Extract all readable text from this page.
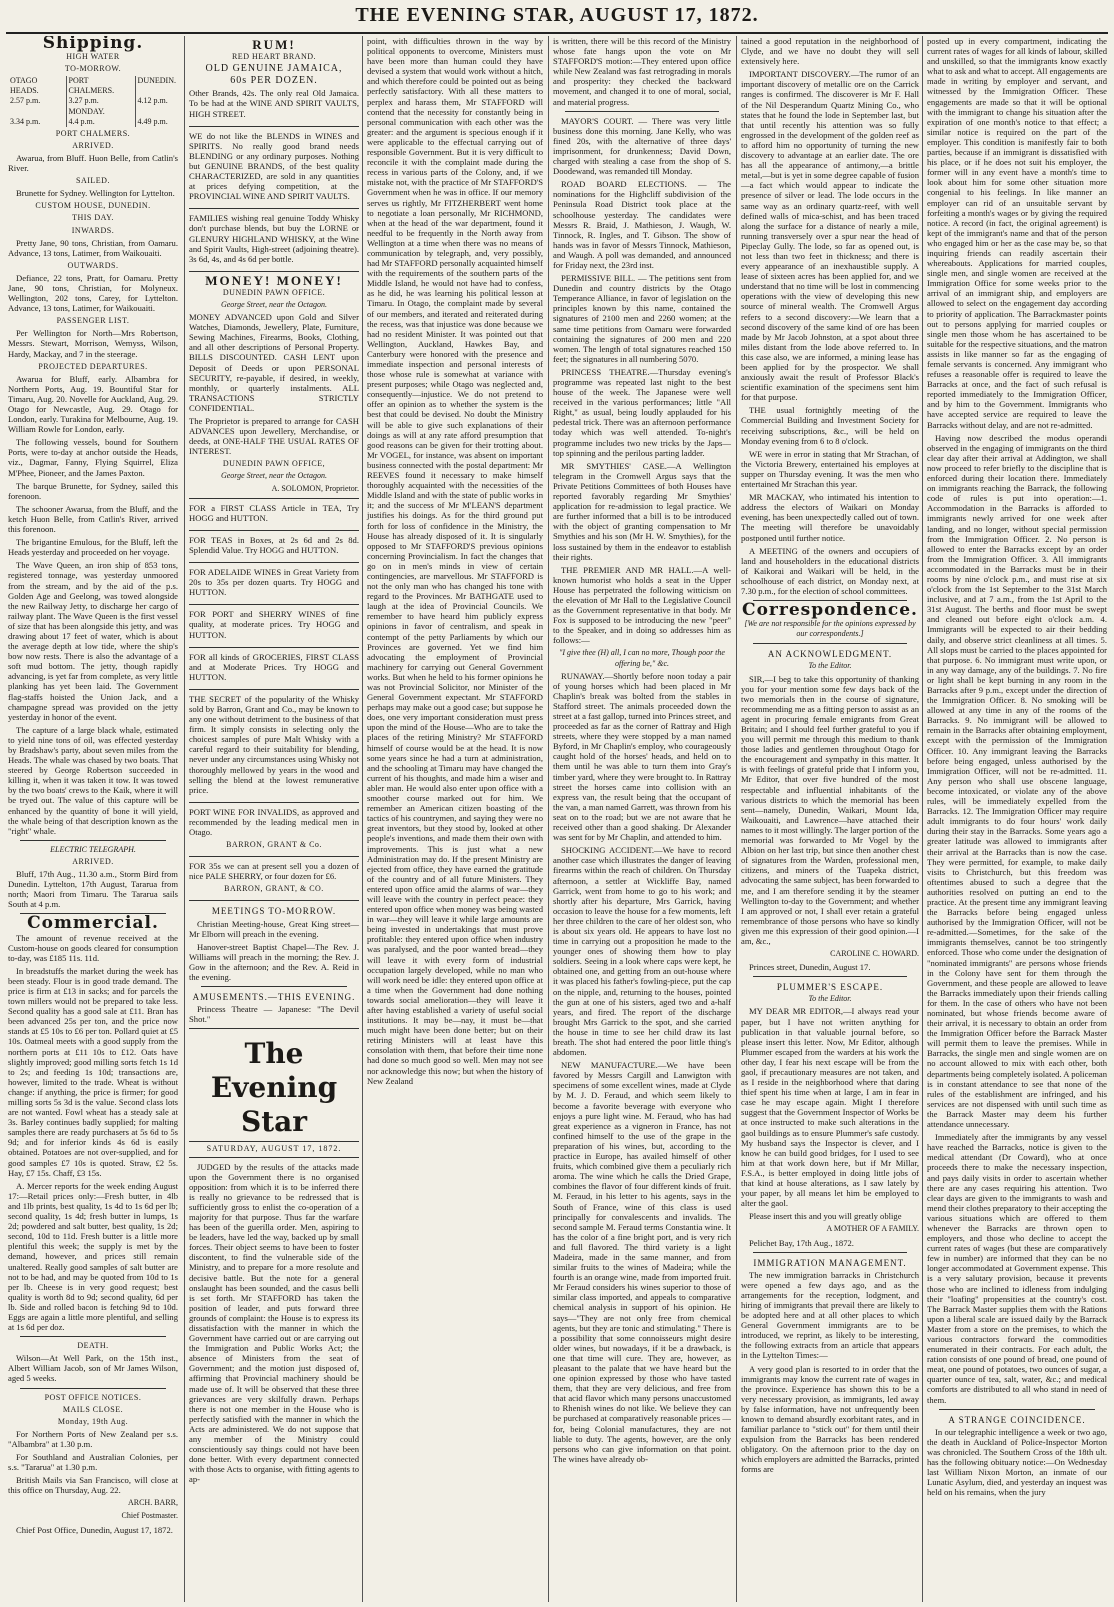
THE EVENING STAR, AUGUST 17, 1872.
Shipping.
HIGH WATER
TO-MORROW.
OTAGO HEADS.	PORT CHALMERS.	DUNEDIN.
2.57 p.m.	3.27 p.m.	4.12 p.m.
	MONDAY.	
3.34 p.m.	4.4 p.m.	4.49 p.m.
PORT CHALMERS.
ARRIVED.

Awarua, from Bluff. Huon Belle, from Catlin's River.

SAILED.

Brunette for Sydney. Wellington for Lyttelton.

CUSTOM HOUSE, DUNEDIN.
THIS DAY.
INWARDS.

Pretty Jane, 90 tons, Christian, from Oamaru. Advance, 13 tons, Latimer, from Waikouaiti.

OUTWARDS.

Defiance, 22 tons, Pratt, for Oamaru. Pretty Jane, 90 tons, Christian, for Molyneux. Wellington, 202 tons, Carey, for Lyttelton. Advance, 13 tons, Latimer, for Waikouaiti.

PASSENGER LIST.

Per Wellington for North—Mrs Robertson, Messrs. Stewart, Morrison, Wemyss, Wilson, Hardy, Mackay, and 7 in the steerage.

PROJECTED DEPARTURES.

Awarua for Bluff, early. Albambra for Northern Ports, Aug. 19. Bountiful Star for Timaru, Aug. 20. Novelle for Auckland, Aug. 29. Otago for Newcastle, Aug. 29. Otago for London, early. Turakina for Melbourne, Aug. 19. William Rowle for London, early.

The following vessels, bound for Southern Ports, were to-day at anchor outside the Heads, viz., Dagmar, Fanny, Flying Squirrel, Eliza M'Phee, Pioneer, and the James Paxton.

The barque Brunette, for Sydney, sailed this forenoon.

The schooner Awarua, from the Bluff, and the ketch Huon Belle, from Catlin's River, arrived this forenoon.

The brigantine Emulous, for the Bluff, left the Heads yesterday and proceeded on her voyage.

The Wave Queen, an iron ship of 853 tons, registered tonnage, was yesterday unmoored from the stream, and by the aid of the p.s. Golden Age and Geelong, was towed alongside the new Railway Jetty, to discharge her cargo of railway plant. The Wave Queen is the first vessel of size that has been alongside this jetty, and was drawing about 17 feet of water, which is about the average depth at low tide, where the ship's bow now rests. There is also the advantage of a soft mud bottom. The jetty, though rapidly advancing, is yet far from complete, as very little planking has yet been laid. The Government flag-staffs hoisted the Union Jack, and a champagne spread was provided on the jetty yesterday in honor of the event.

The capture of a large black whale, estimated to yield nine tons of oil, was effected yesterday by Bradshaw's party, about seven miles from the Heads. The whale was chased by two boats. That steered by George Robertson succeeded in killing it, when it was taken it tow. It was towed by the two boats' crews to the Kaik, where it will be tryed out. The value of this capture will be enhanced by the quantity of bone it will yield, the whale being of that description known as the "right" whale.

ELECTRIC TELEGRAPH.
ARRIVED.

Bluff, 17th Aug., 11.30 a.m., Storm Bird from Dunedin. Lyttelton, 17th August, Tararua from north; Maori from Timaru. The Tararua sails South at 4 p.m.

Commercial.

The amount of revenue received at the Custom-house on goods cleared for consumption to-day, was £185 11s. 11d.

In breadstuffs the market during the week has been steady. Flour is in good trade demand. The price is firm at £13 in sacks; and for parcels the town millers would not be prepared to take less. Second quality has a good sale at £11. Bran has been advanced 25s per ton, and the price now stands at £5 10s to £6 per ton. Pollard quiet at £5 10s. Oatmeal meets with a good supply from the northern ports at £11 10s to £12. Oats have slightly improved; good milling sorts fetch 1s 1d to 2s; and feeding 1s 10d; transactions are, however, limited to the trade. Wheat is without change: if anything, the price is firmer; for good milling sorts 5s 3d is the value. Second class lots are not wanted. Fowl wheat has a steady sale at 3s. Barley continues badly supplied; for malting samples there are ready purchasers at 5s 6d to 5s 9d; and for inferior kinds 4s 6d is easily obtained. Potatoes are not over-supplied, and for good samples £7 10s is quoted. Straw, £2 5s. Hay, £7 15s. Chaff, £3 15s.

A. Mercer reports for the week ending August 17:—Retail prices only:—Fresh butter, in 4lb and 1lb prints, best quality, 1s 4d to 1s 6d per lb; second quality, 1s 4d; fresh butter in lumps, 1s 2d; powdered and salt butter, best quality, 1s 2d; second, 10d to 11d. Fresh butter is a little more plentiful this week; the supply is met by the demand, however, and prices still remain unaltered. Really good samples of salt butter are not to be had, and may be quoted from 10d to 1s per lb. Cheese is in very good request; best quality is worth 8d to 9d; second quality, 6d per lb. Side and rolled bacon is fetching 9d to 10d. Eggs are again a little more plentiful, and selling at 1s 6d per doz.

DEATH.

Wilson—At Well Park, on the 15th inst., Albert William Jacob, son of Mr James Wilson, aged 5 weeks.

POST OFFICE NOTICES.
MAILS CLOSE.
Monday, 19th Aug.

For Northern Ports of New Zealand per s.s. "Albambra" at 1.30 p.m.

For Southland and Australian Colonies, per s.s. "Tararua" at 1.30 p.m.

British Mails via San Francisco, will close at this office on Thursday, Aug. 22.

ARCH. BARR,
Chief Postmaster.

Chief Post Office, Dunedin, August 17, 1872.

RUM!
RED HEART BRAND.
OLD GENUINE JAMAICA,
60s PER DOZEN.

Other Brands, 42s. The only real Old Jamaica. To be had at the WINE AND SPIRIT VAULTS, HIGH STREET.

WE do not like the BLENDS in WINES and SPIRITS. No really good brand needs BLENDING or any ordinary purposes. Nothing but GENUINE BRANDS, of the best quality CHARACTERIZED, are sold in any quantities at prices defying competition, at the PROVINCIAL WINE AND SPIRIT VAULTS.

FAMILIES wishing real genuine Toddy Whisky don't purchase blends, but buy the LORNE or GLENURY HIGHLAND WHISKY, at the Wine and Spirit Vaults, High-street (adjoining theatre). 3s 6d, 4s, and 4s 6d per bottle.

MONEY! MONEY!
DUNEDIN PAWN OFFICE.
George Street, near the Octagon.

MONEY ADVANCED upon Gold and Silver Watches, Diamonds, Jewellery, Plate, Furniture, Sewing Machines, Firearms, Books, Clothing, and all other descriptions of Personal Property. BILLS DISCOUNTED. CASH LENT upon Deposit of Deeds or upon PERSONAL SECURITY, re-payable, if desired, in weekly, monthly, or quarterly instalments. ALL TRANSACTIONS STRICTLY CONFIDENTIAL.

The Proprietor is prepared to arrange for CASH ADVANCES upon Jewellery, Merchandise, or deeds, at ONE-HALF THE USUAL RATES OF INTEREST.

DUNEDIN PAWN OFFICE,
George Street, near the Octagon.
A. SOLOMON, Proprietor.

FOR a FIRST CLASS Article in TEA, Try HOGG and HUTTON.

FOR TEAS in Boxes, at 2s 6d and 2s 8d. Splendid Value. Try HOGG and HUTTON.

FOR ADELAIDE WINES in Great Variety from 20s to 35s per dozen quarts. Try HOGG and HUTTON.

FOR PORT and SHERRY WINES of fine quality, at moderate prices. Try HOGG and HUTTON.

FOR all kinds of GROCERIES, FIRST CLASS and at Moderate Prices. Try HOGG and HUTTON.

THE SECRET of the popularity of the Whisky sold by Barron, Grant and Co., may be known to any one without detriment to the business of that firm. It simply consists in selecting only the choicest samples of pure Malt Whisky with a careful regard to their suitability for blending, never under any circumstances using Whisky not thoroughly mellowed by years in the wood and selling the blend at the lowest remunerative price.

PORT WINE FOR INVALIDS, as approved and recommended by the leading medical men in Otago.

BARRON, GRANT & Co.

FOR 35s we can at present sell you a dozen of nice PALE SHERRY, or four dozen for £6.

BARRON, GRANT, & CO.
MEETINGS TO-MORROW.

Christian Meeting-house, Great King street—Mr Elborn will preach in the evening.

Hanover-street Baptist Chapel—The Rev. J. Williams will preach in the morning; the Rev. J. Gow in the afternoon; and the Rev. A. Reid in the evening.

AMUSEMENTS.—THIS EVENING.

Princess Theatre — Japanese: "The Devil Shot."

The Evening Star
SATURDAY, AUGUST 17, 1872.

JUDGED by the results of the attacks made upon the Government there is no organised opposition: from which it is to be inferred there is really no grievance to be redressed that is sufficiently gross to enlist the co-operation of a majority for that purpose. Thus far the warfare has been of the guerilla order. Men, aspiring to be leaders, have led the way, backed up by small forces. Their object seems to have been to foster discontent, to find the vulnerable side of the Ministry, and to prepare for a more resolute and decisive battle. But the note for a general onslaught has been sounded, and the casus belli is set forth. Mr STAFFORD has taken the position of leader, and puts forward three grounds of complaint: the House is to express its dissatisfaction with the manner in which the Government have carried out or are carrying out the Immigration and Public Works Act; the absence of Ministers from the seat of Government; and the motion just disposed of, affirming that Provincial machinery should be made use of. It will be observed that these three grievances are very skilfully drawn. Perhaps there is not one member in the House who is perfectly satisfied with the manner in which the Acts are administered. We do not suppose that any member of the Ministry could conscientiously say things could not have been done better. With every department connected with those Acts to organise, with fitting agents to ap-

point, with difficulties thrown in the way by political opponents to overcome, Ministers must have been more than human could they have devised a system that would work without a hitch, and which therefore could be pointed out as being perfectly satisfactory. With all these matters to perplex and harass them, Mr STAFFORD will contend that the necessity for constantly being in personal communication with each other was the greater: and the argument is specious enough if it were applicable to the effectual carrying out of responsible Government. But it is very difficult to reconcile it with the complaint made during the recess in various parts of the Colony, and, if we mistake not, with the practice of Mr STAFFORD'S Government when he was in office. If our memory serves us rightly, Mr FITZHERBERT went home to negotiate a loan personally, Mr RICHMOND, when at the head of the war department, found it needful to be frequently in the North away from Wellington at a time when there was no means of communication by telegraph, and, very possibly, had Mr STAFFORD personally acquainted himself with the requirements of the southern parts of the Middle Island, he would not have had to confess, as he did, he was learning his political lesson at Timaru. In Otago, the complaint made by several of our members, and iterated and reiterated during the recess, was that injustice was done because we had no resident Minister. It was pointed out that Wellington, Auckland, Hawkes Bay, and Canterbury were honored with the presence and immediate inspection and personal interests of those whose rule is somewhat at variance with present purposes; while Otago was neglected and, consequently—injustice. We do not pretend to offer an opinion as to whether the system is the best that could be devised. No doubt the Ministry will be able to give such explanations of their doings as will at any rate afford presumption that good reasons can be given for their trotting about. Mr VOGEL, for instance, was absent on important business connected with the postal department: Mr REEVES found it necessary to make himself thoroughly acquainted with the necessities of the Middle Island and with the state of public works in it; and the success of Mr M'LEAN'S department justifies his doings. As for the third ground put forth for loss of confidence in the Ministry, the House has already disposed of it. It is singularly opposed to Mr STAFFORD'S previous opinions concerning Provincialism. In fact the changes that go on in men's minds in view of certain contingencies, are marvellous. Mr STAFFORD is not the only man who has changed his tone with regard to the Provinces. Mr BATHGATE used to laugh at the idea of Provincial Councils. We remember to have heard him publicly express opinions in favor of centralism, and speak in contempt of the petty Parliaments by which our Provinces are governed. Yet we find him advocating the employment of Provincial machinery for carrying out General Government works. But when he held to his former opinions he was not Provincial Solicitor, nor Minister of the General Government expectant. Mr STAFFORD perhaps may make out a good case; but suppose he does, one very important consideration must press upon the mind of the House—Who are to take the places of the retiring Ministry? Mr STAFFORD himself of course would be at the head. It is now some years since he had a turn at administration, and the schooling at Timaru may have changed the current of his thoughts, and made him a wiser and abler man. He would also enter upon office with a smoother course marked out for him. We remember an American citizen boasting of the tactics of his countrymen, and saying they were no great inventors, but they stood by, looked at other people's inventions, and made them their own with improvements. This is just what a new Administration may do. If the present Ministry are ejected from office, they have earned the gratitude of the country and of all future Ministers. They entered upon office amid the alarms of war—they will leave with the country in perfect peace: they entered upon office when money was being wasted in war—they will leave it while large amounts are being invested in undertakings that must prove profitable: they entered upon office when industry was paralysed, and the poor wanted bread—they will leave it with every form of industrial occupation largely developed, while no man who will work need be idle: they entered upon office at a time when the Government had done nothing towards social amelioration—they will leave it after having established a variety of useful social institutions. It may be—nay, it must be—that much might have been done better; but on their retiring Ministers will at least have this consolation with them, that before their time none had done so much good so well. Men may not see nor acknowledge this now; but when the history of New Zealand

is written, there will be this record of the Ministry whose fate hangs upon the vote on Mr STAFFORD'S motion:—They entered upon office while New Zealand was fast retrograding in morals and prosperity: they checked the backward movement, and changed it to one of moral, social, and material progress.

MAYOR'S COURT. — There was very little business done this morning. Jane Kelly, who was fined 20s, with the alternative of three days' imprisonment, for drunkenness; David Down, charged with stealing a case from the shop of S. Doodewand, was remanded till Monday.

ROAD BOARD ELECTIONS. — The nominations for the Highcliff subdivision of the Peninsula Road District took place at the schoolhouse yesterday. The candidates were Messrs R. Braid, J. Mathieson, J. Waugh, W. Tinnock, R. Ingles, and T. Gibson. The show of hands was in favor of Messrs Tinnock, Mathieson, and Waugh. A poll was demanded, and announced for Friday next, the 23rd inst.

PERMISSIVE BILL. — The petitions sent from Dunedin and country districts by the Otago Temperance Alliance, in favor of legislation on the principles known by this name, contained the signatures of 2100 men and 2260 women; at the same time petitions from Oamaru were forwarded containing the signatures of 200 men and 220 women. The length of total signatures reached 150 feet; the signatures in all numbering 5070.

PRINCESS THEATRE.—Thursday evening's programme was repeated last night to the best house of the week. The Japanese were well received in the various performances; little "All Right," as usual, being loudly applauded for his pedestal trick. There was an afternoon performance today which was well attended. To-night's programme includes two new tricks by the Japs—top spinning and the perilous parting ladder.

MR SMYTHIES' CASE.—A Wellington telegram in the Cromwell Argus says that the Private Petitions Committees of both Houses have reported favorably regarding Mr Smythies' application for re-admission to legal practice. We are further informed that a bill is to be introduced with the object of granting compensation to Mr Smythies and his son (Mr H. W. Smythies), for the loss sustained by them in the endeavor to establish their rights.

THE PREMIER AND MR HALL.—A well-known humorist who holds a seat in the Upper House has perpetrated the following witticism on the elevation of Mr Hall to the Legislative Council as the Government representative in that body. Mr Fox is supposed to be introducing the new "peer" to the Speaker, and in doing so addresses him as follows:—

"I give thee (H) all, I can no more, Though poor the offering be," &c.

RUNAWAY.—Shortly before noon today a pair of young horses which had been placed in Mr Chaplin's break was bolted from the stables in Stafford street. The animals proceeded down the street at a fast gallop, turned into Princes street, and proceeded as far as the corner of Rattray and High streets, where they were stopped by a man named Byford, in Mr Chaplin's employ, who courageously caught hold of the horses' heads, and held on to them until he was able to turn them into Gray's timber yard, where they were brought to. In Rattray street the horses came into collision with an express van, the result being that the occupant of the van, a man named Garrett, was thrown from his seat on to the road; but we are not aware that he received other than a good shaking. Dr Alexander was sent for by Mr Chaplin, and attended to him.

SHOCKING ACCIDENT.—We have to record another case which illustrates the danger of leaving firearms within the reach of children. On Thursday afternoon, a settler at Wickliffe Bay, named Garrick, went from home to go to his work; and shortly after his departure, Mrs Garrick, having occasion to leave the house for a few moments, left her three children to the care of her oldest son, who is about six years old. He appears to have lost no time in carrying out a proposition he made to the younger ones of showing them how to play soldiers. Seeing in a look where caps were kept, he obtained one, and getting from an out-house where it was placed his father's fowling-piece, put the cap on the nipple, and, returning to the houses, pointed the gun at one of his sisters, aged two and a-half years, and fired. The report of the discharge brought Mrs Garrick to the spot, and she carried the house in time to see her child draw its last breath. The shot had entered the poor little thing's abdomen.

NEW MANUFACTURE.—We have been favored by Messrs Cargill and Lanwigton with specimens of some excellent wines, made at Clyde by M. J. D. Feraud, and which seem likely to become a favorite beverage with everyone who enjoys a pure light wine. M. Feraud, who has had great experience as a vigneron in France, has not confined himself to the use of the grape in the preparation of his wines, but, according to the practice in Europe, has availed himself of other fruits, which combined give them a peculiarly rich aroma. The wine which he calls the Dried Grape, combines the flavor of four different kinds of fruit. M. Feraud, in his letter to his agents, says in the South of France, wine of this class is used principally for convalescents and invalids. The second sample M. Feraud terms Constantia wine. It has the color of a fine bright port, and is very rich and full flavored. The third variety is a light Madeira, made in the same manner, and from similar fruits to the wines of Madeira; while the fourth is an orange wine, made from imported fruit. Mr Feraud considers his wines superior to those of similar class imported, and appeals to comparative chemical analysis in support of his opinion. He says—"They are not only free from chemical agents, but they are tonic and stimulating." There is a possibility that some connoisseurs might desire older wines, but nowadays, if it be a drawback, is one that time will cure. They are, however, as pleasant to the palate that we have heard but the one opinion expressed by those who have tasted them, that they are very delicious, and free from that acid flavor which many persons unaccustomed to Rhenish wines do not like. We believe they can be purchased at comparatively reasonable prices —for, being Colonial manufactures, they are not liable to duty. The agents, however, are the only persons who can give information on that point. The wines have already ob-

tained a good reputation in the neighborhood of Clyde, and we have no doubt they will sell extensively here.

IMPORTANT DISCOVERY.—The rumor of an important discovery of metallic ore on the Carrick ranges is confirmed. The discoverer is Mr F. Hall of the Nil Desperandum Quartz Mining Co., who states that he found the lode in September last, but that until recently his attention was so fully engrossed in the development of the golden reef as to afford him no opportunity of turning the new discovery to advantage at an earlier date. The ore has all the appearance of antimony,—a brittle metal,—but is yet in some degree capable of fusion—a fact which would appear to indicate the presence of silver or lead. The lode occurs in the same way as an ordinary quartz-reef, with well defined walls of mica-schist, and has been traced along the surface for a distance of nearly a mile, running transversely over a spur near the head of Pipeclay Gully. The lode, so far as opened out, is not less than two feet in thickness; and there is every appearance of an inexhaustible supply. A lease of sixteen acres has been applied for, and we understand that no time will be lost in commencing operations with the view of developing this new source of mineral wealth. The Cromwell Argus refers to a second discovery:—We learn that a second discovery of the same kind of ore has been made by Mr Jacob Johnston, at a spot about three miles distant from the lode above referred to. In this case also, we are informed, a mining lease has been applied for by the prospector. We shall anxiously await the result of Professor Black's scientific examination of the specimens sent him for that purpose.

THE usual fortnightly meeting of the Commercial Building and Investment Society for receiving subscriptions, &c., will be held on Monday evening from 6 to 8 o'clock.

WE were in error in stating that Mr Strachan, of the Victoria Brewery, entertained his employes at supper on Thursday evening. It was the men who entertained Mr Strachan this year.

MR MACKAY, who intimated his intention to address the electors of Waikari on Monday evening, has been unexpectedly called out of town. The meeting will therefore be unavoidably postponed until further notice.

A MEETING of the owners and occupiers of land and householders in the educational districts of Kaikorai and Waikari will be held, in the schoolhouse of each district, on Monday next, at 7.30 p.m., for the election of school committees.

Correspondence.
[We are not responsible for the opinions expressed by our correspondents.]
AN ACKNOWLEDGMENT.
To the Editor.

SIR,—I beg to take this opportunity of thanking you for your mention some few days back of the two memorials then in the course of signature, recommending me as a fitting person to assist as an agent in procuring female emigrants from Great Britain; and I should feel further grateful to you if you will permit me through this medium to thank those ladies and gentlemen throughout Otago for the encouragement and sympathy in this matter. It is with feelings of grateful pride that I inform you, Mr Editor, that over five hundred of the most respectable and influential inhabitants of the various districts to which the memorial has been sent—namely, Dunedin, Waikari, Mount Ida, Waikouaiti, and Lawrence—have attached their names to it most willingly. The larger portion of the memorial was forwarded to Mr Vogel by the Albion on her last trip, but since then another chest of signatures from the Warden, professional men, citizens, and miners of the Tuapeka district, advocating the same subject, has been forwarded to me, and I am therefore sending it by the steamer Wellington to-day to the Government; and whether I am approved or not, I shall ever retain a grateful remembrance of those persons who have so kindly given me this expression of their good opinion.—I am, &c.,

CAROLINE C. HOWARD.

Princes street, Dunedin, August 17.

PLUMMER'S ESCAPE.
To the Editor.

MY DEAR MR EDITOR,—I always read your paper, but I have not written anything for publication in that valuable journal before, so please insert this letter. Now, Mr Editor, although Plummer escaped from the warders at his work the other day, I fear his next escape will be from the gaol, if precautionary measures are not taken, and as I reside in the neighborhood where that daring thief spent his time when at large, I am in fear in case he may escape again. Might I therefore suggest that the Government Inspector of Works be at once instructed to make such alterations in the gaol buildings as to ensure Plummer's safe custody. My husband says the Inspector is clever, and I know he can build good bridges, for I used to see him at that work down here, but if Mr Millar, F.S.A., is better employed in doing little jobs of that kind at house alterations, as I saw lately by your paper, by all means let him be employed to alter the gaol.

Please insert this and you will greatly oblige

A MOTHER OF A FAMILY.

Pelichet Bay, 17th Aug., 1872.

IMMIGRATION MANAGEMENT.

The new immigration barracks in Christchurch were opened a few days ago, and as the arrangements for the reception, lodgment, and hiring of immigrants that prevail there are likely to be adopted here and at all other places to which General Government immigrants are to be introduced, we reprint, as likely to be interesting, the following extracts from an article that appears in the Lyttelton Times:—

A very good plan is resorted to in order that the immigrants may know the current rate of wages in the province. Experience has shown this to be a very necessary provision, as immigrants, led away by false information, have not unfrequently been known to demand absurdly exorbitant rates, and in familiar parlance to "stick out" for them until their expulsion from the Barracks has been rendered obligatory. On the afternoon prior to the day on which employers are admitted the Barracks, printed forms are

posted up in every compartment, indicating the current rates of wages for all kinds of labour, skilled and unskilled, so that the immigrants know exactly what to ask and what to accept. All engagements are made in writing by employer and servant, and witnessed by the Immigration Officer. These engagements are made so that it will be optional with the immigrant to change his situation after the expiration of one month's notice to that effect; a similar notice is required on the part of the employer. This condition is manifestly fair to both parties, because if an immigrant is dissatisfied with his place, or if he does not suit his employer, the former will in any event have a month's time to look about him for some other situation more congenial to his feelings. In like manner an employer can rid of an unsuitable servant by forfeiting a month's wages or by giving the required notice. A record (in fact, the original agreement) is kept of the immigrant's name and that of the person who engaged him or her as the case may be, so that inquiring friends can readily ascertain their whereabouts. Applications for married couples, single men, and single women are received at the Immigration Office for some weeks prior to the arrival of an immigrant ship, and employers are allowed to select on the engagement day according to priority of application. The Barrackmaster points out to persons applying for married couples or single men those whom he has ascertained to be suitable for the respective situations, and the matron assists in like manner so far as the engaging of female servants is concerned. Any immigrant who refuses a reasonable offer is required to leave the Barracks at once, and the fact of such refusal is reported immediately to the Immigration Officer, and by him to the Government. Immigrants who have accepted service are required to leave the Barracks without delay, and are not re-admitted.

Having now described the modus operandi observed in the engaging of immigrants on the third clear day after their arrival at Addington, we shall now proceed to refer briefly to the discipline that is enforced during their location there. Immediately on immigrants reaching the Barrack, the following code of rules is put into operation:—1. Accommodation in the Barracks is afforded to immigrants newly arrived for one week after landing, and no longer, without special permission from the Immigration Officer. 2. No person is allowed to enter the Barracks except by an order from the Immigration Officer. 3. All immigrants accommodated in the Barracks must be in their rooms by nine o'clock p.m., and must rise at six o'clock from the 1st September to the 31st March inclusive, and at 7 a.m., from the 1st April to the 31st August. The berths and floor must be swept and cleaned out before eight o'clock a.m. 4. Immigrants will be expected to air their bedding daily, and observe strict cleanliness at all times. 5. All slops must be carried to the places appointed for that purpose. 6. No immigrant must write upon, or in any way damage, any of the buildings. 7. No fire or light shall be kept burning in any room in the Barracks after 9 p.m., except under the direction of the Immigration Officer. 8. No smoking will be allowed at any time in any of the rooms of the Barracks. 9. No immigrant will be allowed to remain in the Barracks after obtaining employment, except with the permission of the Immigration Officer. 10. Any immigrant leaving the Barracks before being engaged, unless authorised by the Immigration Officer, will not be re-admitted. 11. Any person who shall use obscene language, become intoxicated, or violate any of the above rules, will be immediately expelled from the Barracks. 12. The Immigration Officer may require adult immigrants to do four hours' work daily during their stay in the Barracks. Some years ago a greater latitude was allowed to immigrants after their arrival at the Barracks than is now the case. They were permitted, for example, to make daily visits to Christchurch, but this freedom was oftentimes abused to such a degree that the authorities resolved on putting an end to the practice. At the present time any immigrant leaving the Barracks before being engaged unless authorised by the Immigration Officer, will not be re-admitted.—Sometimes, for the sake of the immigrants themselves, cannot be too stringently enforced. Those who come under the designation of "nominated immigrants" are persons whose friends in the Colony have sent for them through the Government, and these people are allowed to leave the Barracks immediately upon their friends calling for them. In the case of others who have not been nominated, but whose friends become aware of their arrival, it is necessary to obtain an order from the Immigration Officer before the Barrack Master will permit them to leave the premises. While in Barracks, the single men and single women are on no account allowed to mix with each other, both departments being completely isolated. A policeman is in constant attendance to see that none of the rules of the establishment are infringed, and his services are not dispensed with until such time as the Barrack Master may deem his further attendance unnecessary.

Immediately after the immigrants by any vessel have reached the Barracks, notice is given to the medical attendant (Dr Coward), who at once proceeds there to make the necessary inspection, and pays daily visits in order to ascertain whether there are any cases requiring his attention. Two clear days are given to the immigrants to wash and mend their clothes preparatory to their accepting the various situations which are offered to them whenever the Barracks are thrown open to employers, and those who decline to accept the current rates of wages (but these are comparatively few in number) are informed that they can be no longer accommodated at Government expense. This is a very salutary provision, because it prevents those who are inclined to idleness from indulging their "loafing" propensities at the country's cost. The Barrack Master supplies them with the Rations upon a liberal scale are issued daily by the Barrack Master from a store on the premises, to which the various contractors forward the commodities enumerated in their contracts. For each adult, the ration consists of one pound of bread, one pound of meat, one pound of potatoes, two ounces of sugar, a quarter ounce of tea, salt, water, &c.; and medical comforts are distributed to all who stand in need of them.

A STRANGE COINCIDENCE.

In our telegraphic intelligence a week or two ago, the death in Auckland of Police-Inspector Morton was chronicled. The Southern Cross of the 18th ult. has the following obituary notice:—On Wednesday last William Nixon Morton, an inmate of our Lunatic Asylum, died, and yesterday an inquest was held on his remains, when the jury
